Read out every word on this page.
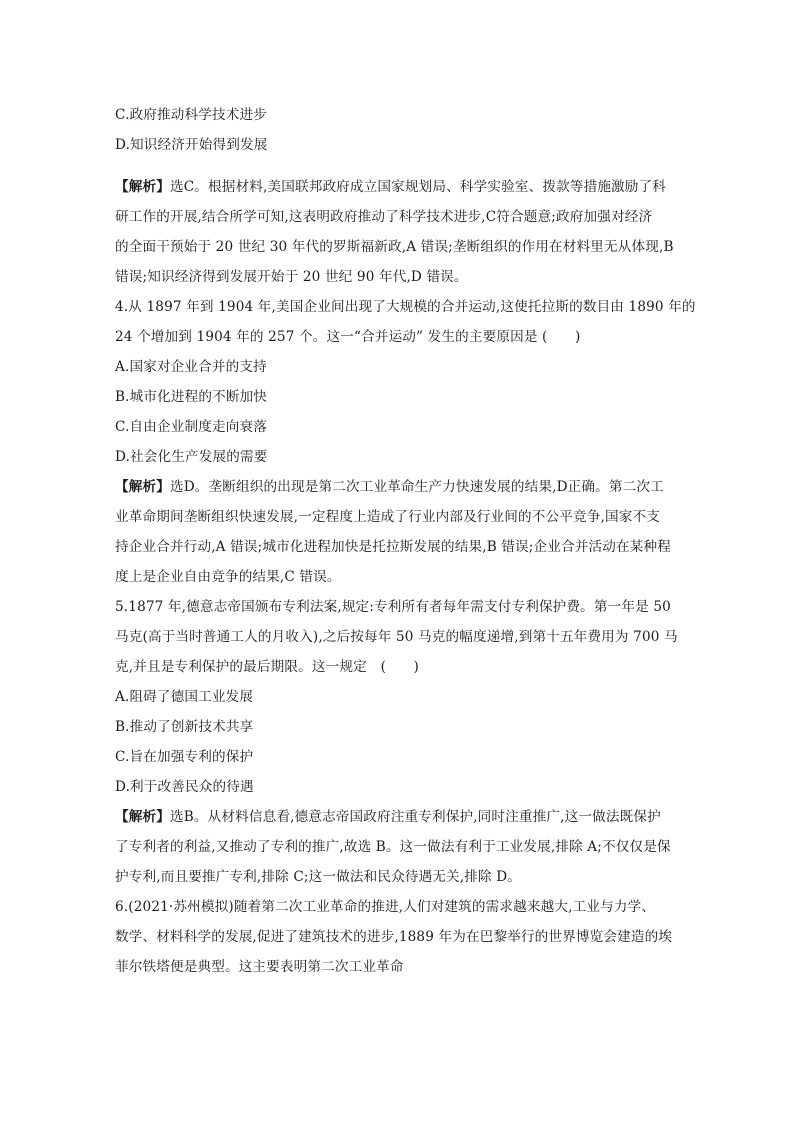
C.政府推动科学技术进步
D.知识经济开始得到发展
【解析】选C。根据材料,美国联邦政府成立国家规划局、科学实验室、拨款等措施激励了科
研工作的开展,结合所学可知,这表明政府推动了科学技术进步,C符合题意;政府加强对经济
的全面干预始于 20 世纪 30 年代的罗斯福新政,A 错误;垄断组织的作用在材料里无从体现,B
错误;知识经济得到发展开始于 20 世纪 90 年代,D 错误。
4.从 1897 年到 1904 年,美国企业间出现了大规模的合并运动,这使托拉斯的数目由 1890 年的
24 个增加到 1904 年的 257 个。这一“合并运动” 发生的主要原因是 (　　)
A.国家对企业合并的支持
B.城市化进程的不断加快
C.自由企业制度走向衰落
D.社会化生产发展的需要
【解析】选D。垄断组织的出现是第二次工业革命生产力快速发展的结果,D正确。第二次工
业革命期间垄断组织快速发展,一定程度上造成了行业内部及行业间的不公平竞争,国家不支
持企业合并行动,A 错误;城市化进程加快是托拉斯发展的结果,B 错误;企业合并活动在某种程
度上是企业自由竞争的结果,C 错误。
5.1877 年,德意志帝国颁布专利法案,规定:专利所有者每年需支付专利保护费。第一年是 50
马克(高于当时普通工人的月收入),之后按每年 50 马克的幅度递增,到第十五年费用为 700 马
克,并且是专利保护的最后期限。这一规定　(　　)
A.阻碍了德国工业发展
B.推动了创新技术共享
C.旨在加强专利的保护
D.利于改善民众的待遇
【解析】选B。从材料信息看,德意志帝国政府注重专利保护,同时注重推广,这一做法既保护
了专利者的利益,又推动了专利的推广,故选 B。这一做法有利于工业发展,排除 A;不仅仅是保
护专利,而且要推广专利,排除 C;这一做法和民众待遇无关,排除 D。
6.(2021·苏州模拟)随着第二次工业革命的推进,人们对建筑的需求越来越大,工业与力学、
数学、材料科学的发展,促进了建筑技术的进步,1889 年为在巴黎举行的世界博览会建造的埃
菲尔铁塔便是典型。这主要表明第二次工业革命
